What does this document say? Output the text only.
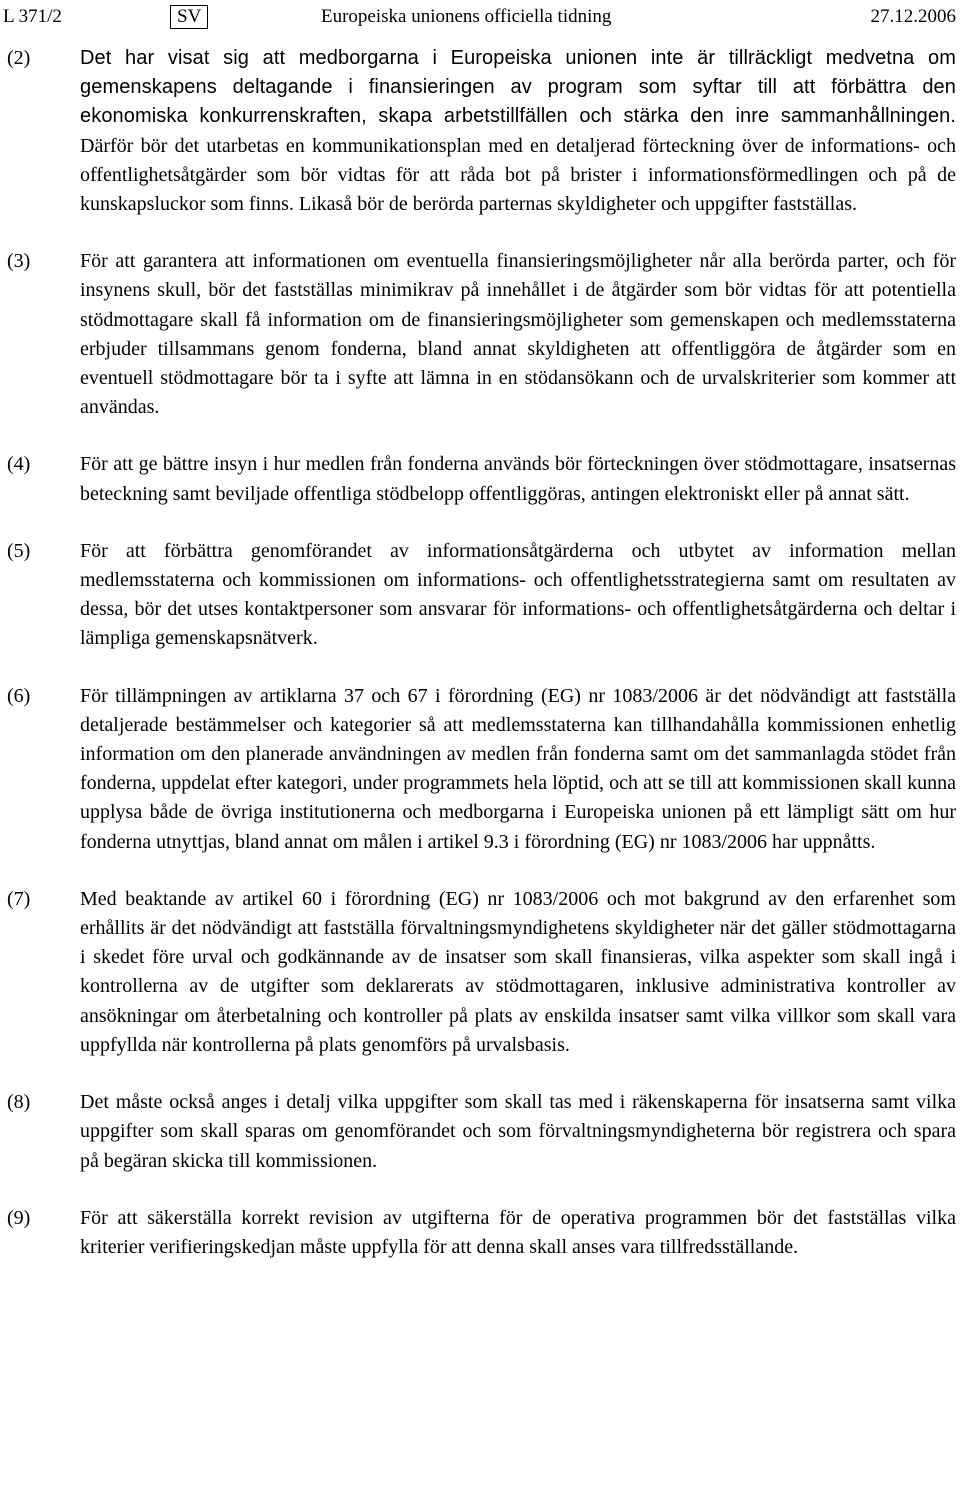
L 371/2	SV	Europeiska unionens officiella tidning	27.12.2006
(2) Det har visat sig att medborgarna i Europeiska unionen inte är tillräckligt medvetna om gemenskapens deltagande i finansieringen av program som syftar till att förbättra den ekonomiska konkurrenskraften, skapa arbetstillfällen och stärka den inre sammanhållningen. Därför bör det utarbetas en kommunikationsplan med en detaljerad förteckning över de informations- och offentlighetsåtgärder som bör vidtas för att råda bot på brister i informationsförmedlingen och på de kunskapsluckor som finns. Likaså bör de berörda parternas skyldigheter och uppgifter fastställas.
(3) För att garantera att informationen om eventuella finansieringsmöjligheter når alla berörda parter, och för insynens skull, bör det fastställas minimikrav på innehållet i de åtgärder som bör vidtas för att potentiella stödmottagare skall få information om de finansieringsmöjligheter som gemenskapen och medlemsstaterna erbjuder tillsammans genom fonderna, bland annat skyldigheten att offentliggöra de åtgärder som en eventuell stödmottagare bör ta i syfte att lämna in en stödansökann och de urvalskriterier som kommer att användas.
(4) För att ge bättre insyn i hur medlen från fonderna används bör förteckningen över stödmottagare, insatsernas beteckning samt beviljade offentliga stödbelopp offentliggöras, antingen elektroniskt eller på annat sätt.
(5) För att förbättra genomförandet av informationsåtgärderna och utbytet av information mellan medlemsstaterna och kommissionen om informations- och offentlighetsstrategierna samt om resultaten av dessa, bör det utses kontaktpersoner som ansvarar för informations- och offentlighetsåtgärderna och deltar i lämpliga gemenskapsnätverk.
(6) För tillämpningen av artiklarna 37 och 67 i förordning (EG) nr 1083/2006 är det nödvändigt att fastställa detaljerade bestämmelser och kategorier så att medlemsstaterna kan tillhandahålla kommissionen enhetlig information om den planerade användningen av medlen från fonderna samt om det sammanlagda stödet från fonderna, uppdelat efter kategori, under programmets hela löptid, och att se till att kommissionen skall kunna upplysa både de övriga institutionerna och medborgarna i Europeiska unionen på ett lämpligt sätt om hur fonderna utnyttjas, bland annat om målen i artikel 9.3 i förordning (EG) nr 1083/2006 har uppnåtts.
(7) Med beaktande av artikel 60 i förordning (EG) nr 1083/2006 och mot bakgrund av den erfarenhet som erhållits är det nödvändigt att fastställa förvaltningsmyndighetens skyldigheter när det gäller stödmottagarna i skedet före urval och godkännande av de insatser som skall finansieras, vilka aspekter som skall ingå i kontrollerna av de utgifter som deklarerats av stödmottagaren, inklusive administrativa kontroller av ansökningar om återbetalning och kontroller på plats av enskilda insatser samt vilka villkor som skall vara uppfyllda när kontrollerna på plats genomförs på urvalsbasis.
(8) Det måste också anges i detalj vilka uppgifter som skall tas med i räkenskaperna för insatserna samt vilka uppgifter som skall sparas om genomförandet och som förvaltningsmyndigheterna bör registrera och spara på begäran skicka till kommissionen.
(9) För att säkerställa korrekt revision av utgifterna för de operativa programmen bör det fastställas vilka kriterier verifieringskedjan måste uppfylla för att denna skall anses vara tillfredsställande.
